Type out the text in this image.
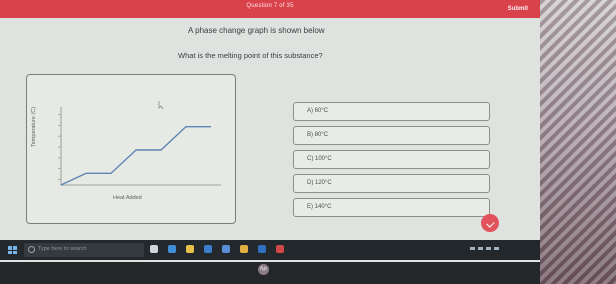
Question 7 of 35	Submit
A phase change graph is shown below
What is the melting point of this substance?
Temperature (C)
Heat Added
A) 60°C
B) 80°C
C) 100°C
D) 120°C
E) 140°C
Type here to search
hp
